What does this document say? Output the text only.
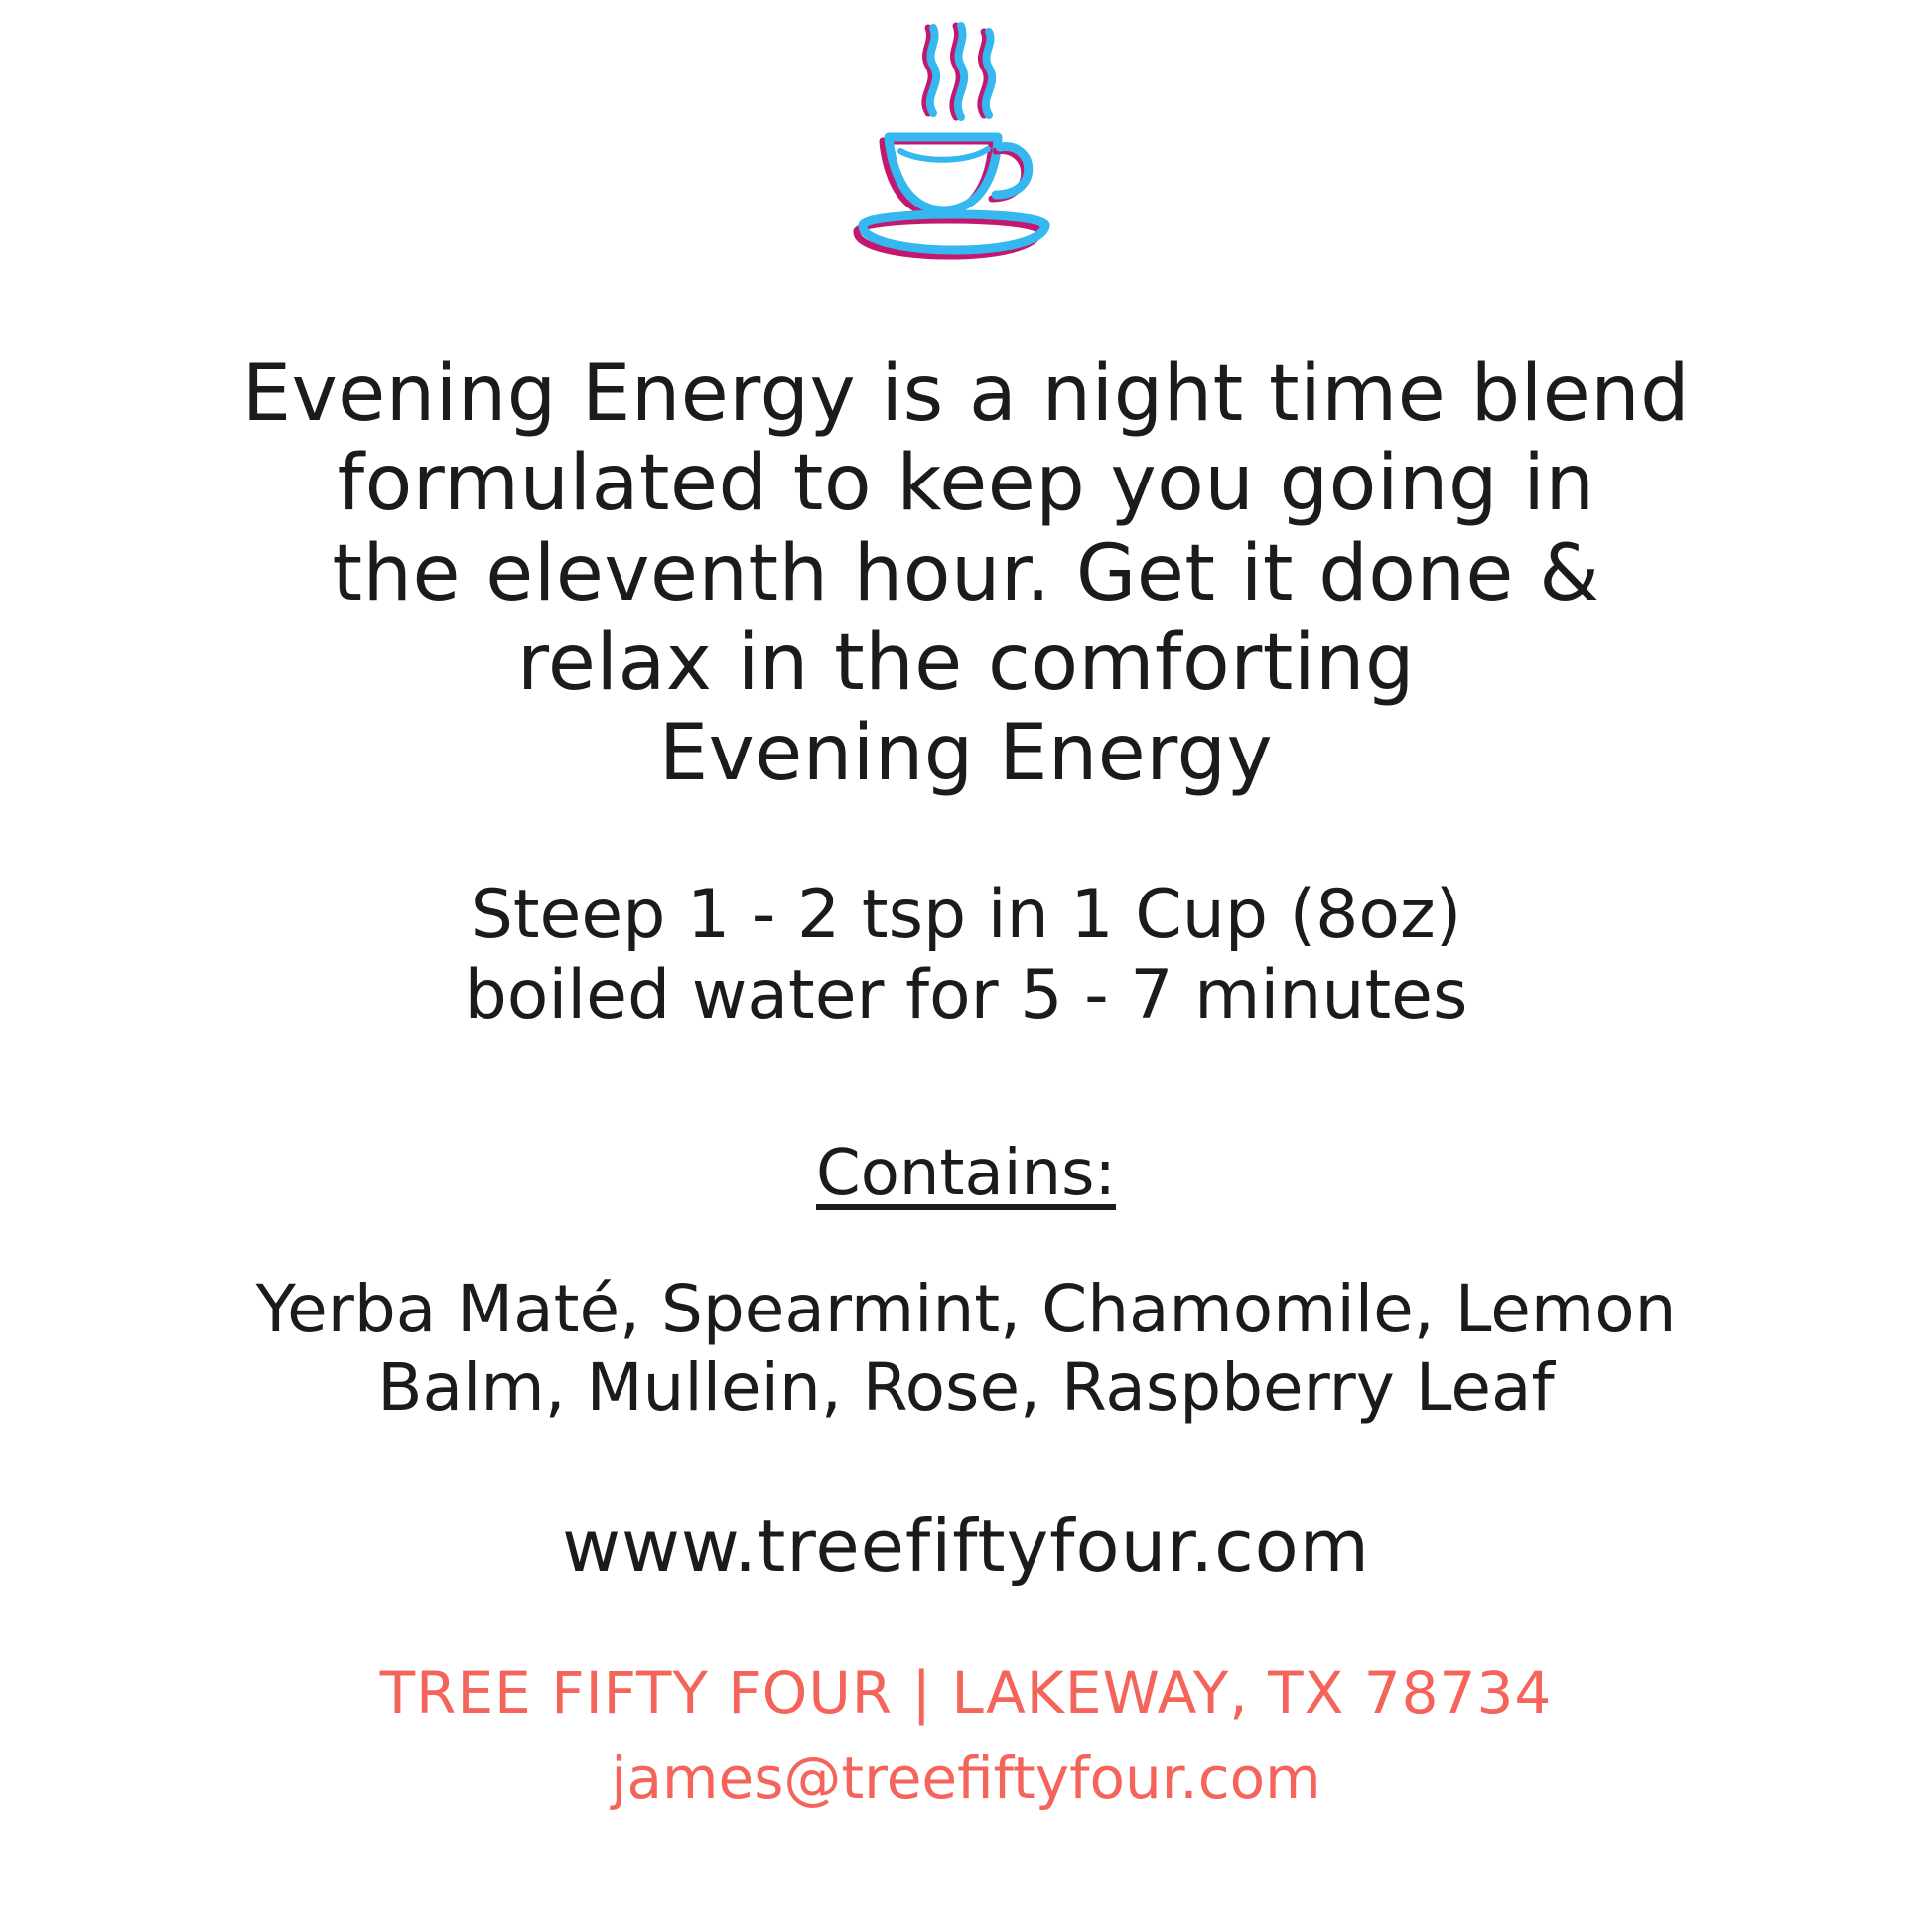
Evening Energy is a night time blend
formulated to keep you going in
the eleventh hour. Get it done &
relax in the comforting
Evening Energy
Steep 1 - 2 tsp in 1 Cup (8oz)
boiled water for 5 - 7 minutes
Contains:
Yerba Maté, Spearmint, Chamomile, Lemon
Balm, Mullein, Rose, Raspberry Leaf
www.treefiftyfour.com
TREE FIFTY FOUR | LAKEWAY, TX 78734
james@treefiftyfour.com
